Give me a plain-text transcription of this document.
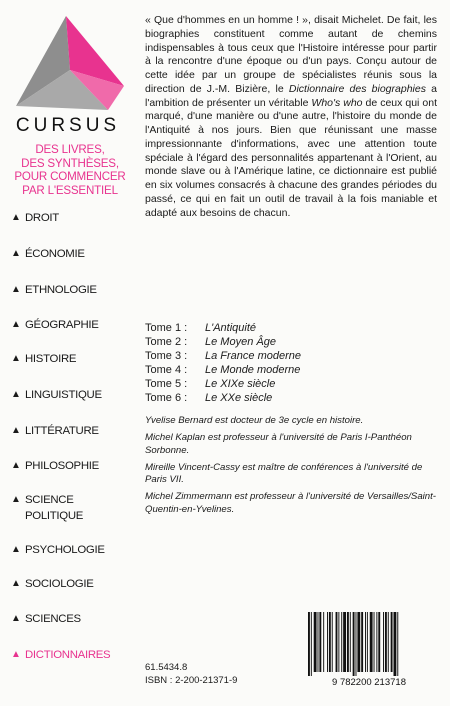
CURSUS
DES LIVRES,
DES SYNTHÈSES,
POUR COMMENCER
PAR L'ESSENTIEL
▲ DROIT
▲ ÉCONOMIE
▲ ETHNOLOGIE
▲ GÉOGRAPHIE
▲ HISTOIRE
▲ LINGUISTIQUE
▲ LITTÉRATURE
▲ PHILOSOPHIE
▲ SCIENCE
POLITIQUE
▲ PSYCHOLOGIE
▲ SOCIOLOGIE
▲ SCIENCES
▲ DICTIONNAIRES
« Que d'hommes en un homme ! », disait Michelet. De fait, les biographies constituent comme autant de chemins indispensables à tous ceux que l'Histoire intéresse pour partir à la rencontre d'une époque ou d'un pays. Conçu autour de cette idée par un groupe de spécialistes réunis sous la direction de J.-M. Bizière, le Dictionnaire des biographies a l'ambition de présenter un véritable Who's who de ceux qui ont marqué, d'une manière ou d'une autre, l'histoire du monde de l'Antiquité à nos jours. Bien que réunissant une masse impressionnante d'informations, avec une attention toute spéciale à l'égard des personnalités appartenant à l'Orient, au monde slave ou à l'Amérique latine, ce dictionnaire est publié en six volumes consacrés à chacune des grandes périodes du passé, ce qui en fait un outil de travail à la fois maniable et adapté aux besoins de chacun.
Tome 1 :	L'Antiquité
Tome 2 :	Le Moyen Âge
Tome 3 :	La France moderne
Tome 4 :	Le Monde moderne
Tome 5 :	Le XIXe siècle
Tome 6 :	Le XXe siècle
Yvelise Bernard est docteur de 3e cycle en histoire.
Michel Kaplan est professeur à l'université de Paris I-Panthéon Sorbonne.
Mireille Vincent-Cassy est maître de conférences à l'université de Paris VII.
Michel Zimmermann est professeur à l'université de Versailles/Saint-Quentin-en-Yvelines.
61.5434.8
ISBN : 2-200-21371-9	9 782200 213718
